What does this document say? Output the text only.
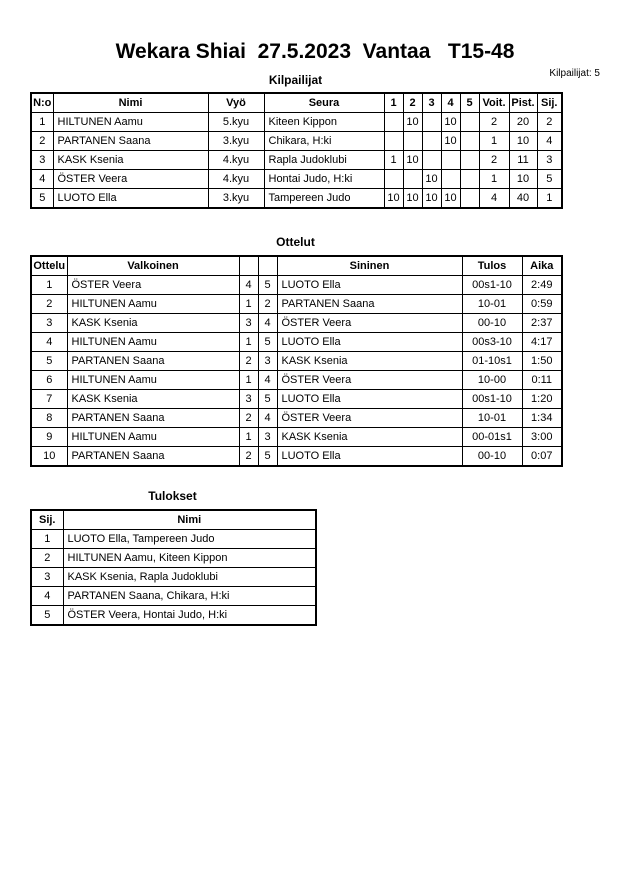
Wekara Shiai  27.5.2023  Vantaa   T15-48
Kilpailijat: 5
Kilpailijat
N:o	Nimi	Vyö	Seura	1	2	3	4	5	Voit.	Pist.	Sij.
1	HILTUNEN Aamu	5.kyu	Kiteen Kippon		10		10		2	20	2
2	PARTANEN Saana	3.kyu	Chikara, H:ki				10		1	10	4
3	KASK Ksenia	4.kyu	Rapla Judoklubi	1	10				2	11	3
4	ÖSTER Veera	4.kyu	Hontai Judo, H:ki			10			1	10	5
5	LUOTO Ella	3.kyu	Tampereen Judo	10	10	10	10		4	40	1
Ottelut
Ottelu	Valkoinen			Sininen	Tulos	Aika
1	ÖSTER Veera	4	5	LUOTO Ella	00s1-10	2:49
2	HILTUNEN Aamu	1	2	PARTANEN Saana	10-01	0:59
3	KASK Ksenia	3	4	ÖSTER Veera	00-10	2:37
4	HILTUNEN Aamu	1	5	LUOTO Ella	00s3-10	4:17
5	PARTANEN Saana	2	3	KASK Ksenia	01-10s1	1:50
6	HILTUNEN Aamu	1	4	ÖSTER Veera	10-00	0:11
7	KASK Ksenia	3	5	LUOTO Ella	00s1-10	1:20
8	PARTANEN Saana	2	4	ÖSTER Veera	10-01	1:34
9	HILTUNEN Aamu	1	3	KASK Ksenia	00-01s1	3:00
10	PARTANEN Saana	2	5	LUOTO Ella	00-10	0:07
Tulokset
Sij.	Nimi
1	LUOTO Ella, Tampereen Judo
2	HILTUNEN Aamu, Kiteen Kippon
3	KASK Ksenia, Rapla Judoklubi
4	PARTANEN Saana, Chikara, H:ki
5	ÖSTER Veera, Hontai Judo, H:ki
